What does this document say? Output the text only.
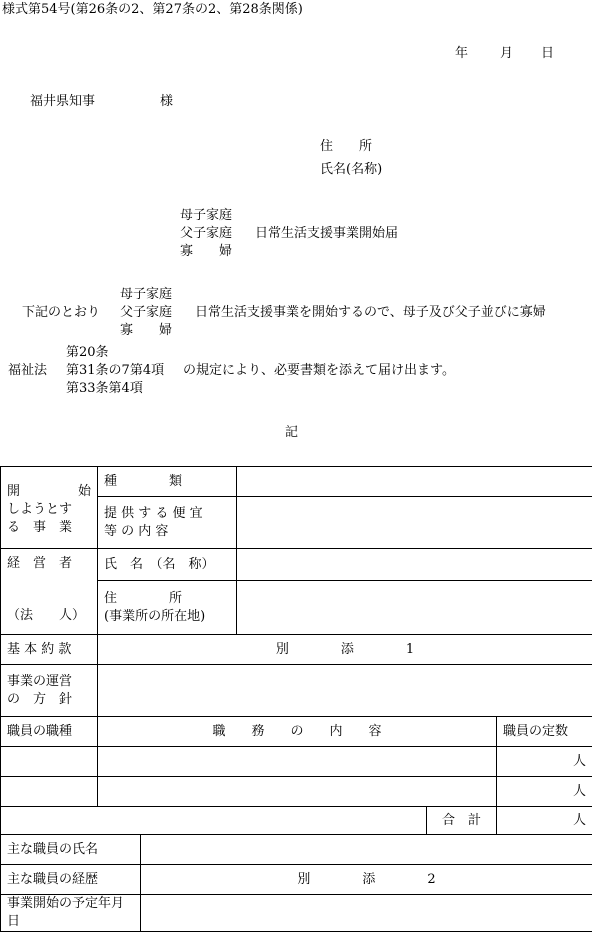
様式第54号(第26条の2、第27条の2、第28条関係)
年 月 日
福井県知事	様
住　　所
氏名(名称)
母子家庭
父子家庭
寡　　婦
日常生活支援事業開始届
母子家庭
下記のとおり 父子家庭 日常生活支援事業を開始するので、母子及び父子並びに寡婦
寡　　婦
第20条
福祉法 第31条の7第4項 の規定により、必要書類を添えて届け出ます。
第33条第4項
記
開 始
しようとす
る　事　業	種　　　　類				

	提 供 す る 便 宜
等 の 内 容				

経　営　者
（法　　人）	氏　名　（名　称）				

	住　　　　所
(事業所の所在地)				

基 本 約 款	別　　　　添　　　　1				

事業の運営
の　方　針					

職員の職種	職　　務　　の　　内　　容				職員の定数
					人
					人
				合　計	人
主な職員の氏名					
主な職員の経歴		別　　　　添　　　　2			
事業開始の予定年月日					
